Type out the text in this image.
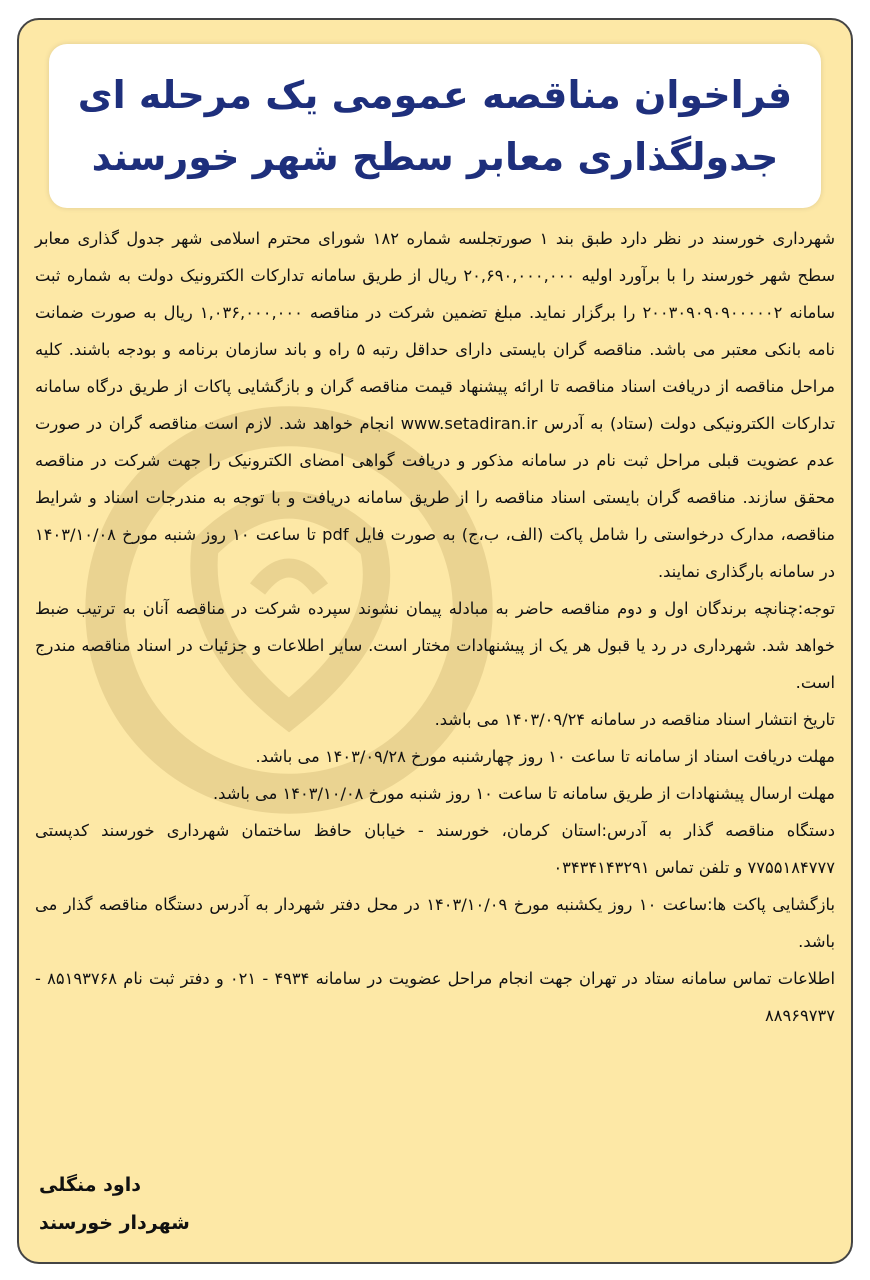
فراخوان مناقصه عمومی یک مرحله ای
جدولگذاری معابر سطح شهر خورسند

شهرداری خورسند در نظر دارد طبق بند ۱ صورتجلسه شماره ۱۸۲ شورای محترم اسلامی شهر جدول گذاری معابر سطح شهر خورسند را با برآورد اولیه ۲۰,۶۹۰,۰۰۰,۰۰۰ ریال از طریق سامانه تدارکات الکترونیک دولت به شماره ثبت سامانه ۲۰۰۳۰۹۰۹۰۹۰۰۰۰۰۲ را برگزار نماید. مبلغ تضمین شرکت در مناقصه ۱,۰۳۶,۰۰۰,۰۰۰ ریال به صورت ضمانت نامه بانکی معتبر می باشد. مناقصه گران بایستی دارای حداقل رتبه ۵ راه و باند سازمان برنامه و بودجه باشند. کلیه مراحل مناقصه از دریافت اسناد مناقصه تا ارائه پیشنهاد قیمت مناقصه گران و بازگشایی پاکات از طریق درگاه سامانه تدارکات الکترونیکی دولت (ستاد) به آدرس www.setadiran.ir انجام خواهد شد. لازم است مناقصه گران در صورت عدم عضویت قبلی مراحل ثبت نام در سامانه مذکور و دریافت گواهی امضای الکترونیک را جهت شرکت در مناقصه محقق سازند. مناقصه گران بایستی اسناد مناقصه را از طریق سامانه دریافت و با توجه به مندرجات اسناد و شرایط مناقصه، مدارک درخواستی را شامل پاکت (الف، ب،ج) به صورت فایل pdf تا ساعت ۱۰ روز شنبه مورخ ۱۴۰۳/۱۰/۰۸ در سامانه بارگذاری نمایند.

توجه:چنانچه برندگان اول و دوم مناقصه حاضر به مبادله پیمان نشوند سپرده شرکت در مناقصه آنان به ترتیب ضبط خواهد شد. شهرداری در رد یا قبول هر یک از پیشنهادات مختار است. سایر اطلاعات و جزئیات در اسناد مناقصه مندرج است.

تاریخ انتشار اسناد مناقصه در سامانه ۱۴۰۳/۰۹/۲۴ می باشد.

مهلت دریافت اسناد از سامانه تا ساعت ۱۰ روز چهارشنبه مورخ ۱۴۰۳/۰۹/۲۸ می باشد.

مهلت ارسال پیشنهادات از طریق سامانه تا ساعت ۱۰ روز شنبه مورخ ۱۴۰۳/۱۰/۰۸ می باشد.

دستگاه مناقصه گذار به آدرس:استان کرمان، خورسند - خیابان حافظ ساختمان شهرداری خورسند کدپستی ۷۷۵۵۱۸۴۷۷۷ و تلفن تماس ۰۳۴۳۴۱۴۳۲۹۱

بازگشایی پاکت ها:ساعت ۱۰ روز یکشنبه مورخ ۱۴۰۳/۱۰/۰۹ در محل دفتر شهردار به آدرس دستگاه مناقصه گذار می باشد.

اطلاعات تماس سامانه ستاد در تهران جهت انجام مراحل عضویت در سامانه ۴۹۳۴ - ۰۲۱ و دفتر ثبت نام ۸۵۱۹۳۷۶۸ - ۸۸۹۶۹۷۳۷

داود منگلی
شهردار خورسند
